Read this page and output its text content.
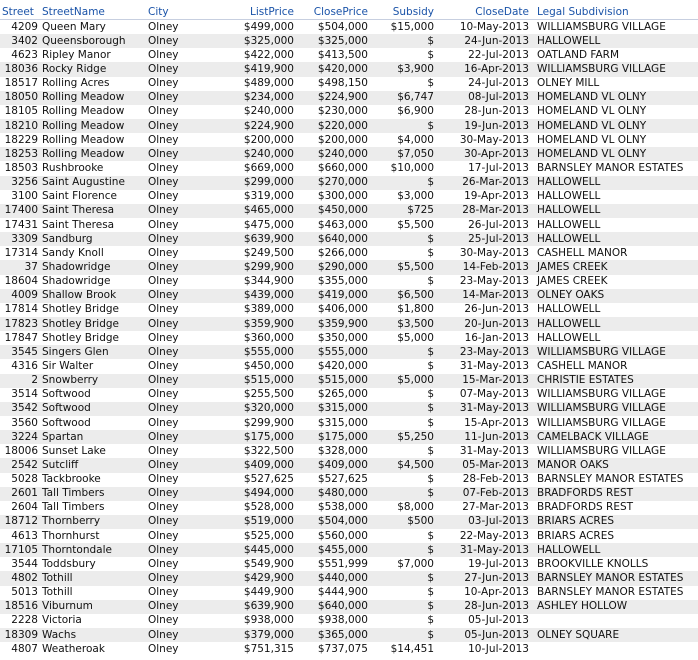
Street	StreetName	City	ListPrice	ClosePrice	Subsidy	CloseDate	Legal Subdivision
4209	Queen Mary	Olney	$499,000	$504,000	$15,000	10-May-2013	WILLIAMSBURG VILLAGE
3402	Queensborough	Olney	$325,000	$325,000	$	24-Jun-2013	HALLOWELL
4623	Ripley Manor	Olney	$422,000	$413,500	$	22-Jul-2013	OATLAND FARM
18036	Rocky Ridge	Olney	$419,900	$420,000	$3,900	16-Apr-2013	WILLIAMSBURG VILLAGE
18517	Rolling Acres	Olney	$489,000	$498,150	$	24-Jul-2013	OLNEY MILL
18050	Rolling Meadow	Olney	$234,000	$224,900	$6,747	08-Jul-2013	HOMELAND VL OLNY
18105	Rolling Meadow	Olney	$240,000	$230,000	$6,900	28-Jun-2013	HOMELAND VL OLNY
18210	Rolling Meadow	Olney	$224,900	$220,000	$	19-Jun-2013	HOMELAND VL OLNY
18229	Rolling Meadow	Olney	$200,000	$200,000	$4,000	30-May-2013	HOMELAND VL OLNY
18253	Rolling Meadow	Olney	$240,000	$240,000	$7,050	30-Apr-2013	HOMELAND VL OLNY
18503	Rushbrooke	Olney	$669,000	$660,000	$10,000	17-Jul-2013	BARNSLEY MANOR ESTATES
3256	Saint Augustine	Olney	$299,000	$270,000	$	26-Mar-2013	HALLOWELL
3100	Saint Florence	Olney	$319,000	$300,000	$3,000	19-Apr-2013	HALLOWELL
17400	Saint Theresa	Olney	$465,000	$450,000	$725	28-Mar-2013	HALLOWELL
17431	Saint Theresa	Olney	$475,000	$463,000	$5,500	26-Jul-2013	HALLOWELL
3309	Sandburg	Olney	$639,900	$640,000	$	25-Jul-2013	HALLOWELL
17314	Sandy Knoll	Olney	$249,500	$266,000	$	30-May-2013	CASHELL MANOR
37	Shadowridge	Olney	$299,900	$290,000	$5,500	14-Feb-2013	JAMES CREEK
18604	Shadowridge	Olney	$344,900	$355,000	$	23-May-2013	JAMES CREEK
4009	Shallow Brook	Olney	$439,000	$419,000	$6,500	14-Mar-2013	OLNEY OAKS
17814	Shotley Bridge	Olney	$389,000	$406,000	$1,800	26-Jun-2013	HALLOWELL
17823	Shotley Bridge	Olney	$359,900	$359,900	$3,500	20-Jun-2013	HALLOWELL
17847	Shotley Bridge	Olney	$360,000	$350,000	$5,000	16-Jan-2013	HALLOWELL
3545	Singers Glen	Olney	$555,000	$555,000	$	23-May-2013	WILLIAMSBURG VILLAGE
4316	Sir Walter	Olney	$450,000	$420,000	$	31-May-2013	CASHELL MANOR
2	Snowberry	Olney	$515,000	$515,000	$5,000	15-Mar-2013	CHRISTIE ESTATES
3514	Softwood	Olney	$255,500	$265,000	$	07-May-2013	WILLIAMSBURG VILLAGE
3542	Softwood	Olney	$320,000	$315,000	$	31-May-2013	WILLIAMSBURG VILLAGE
3560	Softwood	Olney	$299,900	$315,000	$	15-Apr-2013	WILLIAMSBURG VILLAGE
3224	Spartan	Olney	$175,000	$175,000	$5,250	11-Jun-2013	CAMELBACK VILLAGE
18006	Sunset Lake	Olney	$322,500	$328,000	$	31-May-2013	WILLIAMSBURG VILLAGE
2542	Sutcliff	Olney	$409,000	$409,000	$4,500	05-Mar-2013	MANOR OAKS
5028	Tackbrooke	Olney	$527,625	$527,625	$	28-Feb-2013	BARNSLEY MANOR ESTATES
2601	Tall Timbers	Olney	$494,000	$480,000	$	07-Feb-2013	BRADFORDS REST
2604	Tall Timbers	Olney	$528,000	$538,000	$8,000	27-Mar-2013	BRADFORDS REST
18712	Thornberry	Olney	$519,000	$504,000	$500	03-Jul-2013	BRIARS ACRES
4613	Thornhurst	Olney	$525,000	$560,000	$	22-May-2013	BRIARS ACRES
17105	Thorntondale	Olney	$445,000	$455,000	$	31-May-2013	HALLOWELL
3544	Toddsbury	Olney	$549,900	$551,999	$7,000	19-Jul-2013	BROOKVILLE KNOLLS
4802	Tothill	Olney	$429,900	$440,000	$	27-Jun-2013	BARNSLEY MANOR ESTATES
5013	Tothill	Olney	$449,900	$444,900	$	10-Apr-2013	BARNSLEY MANOR ESTATES
18516	Viburnum	Olney	$639,900	$640,000	$	28-Jun-2013	ASHLEY HOLLOW
2228	Victoria	Olney	$938,000	$938,000	$	05-Jul-2013	
18309	Wachs	Olney	$379,000	$365,000	$	05-Jun-2013	OLNEY SQUARE
4807	Weatheroak	Olney	$751,315	$737,075	$14,451	10-Jul-2013	
